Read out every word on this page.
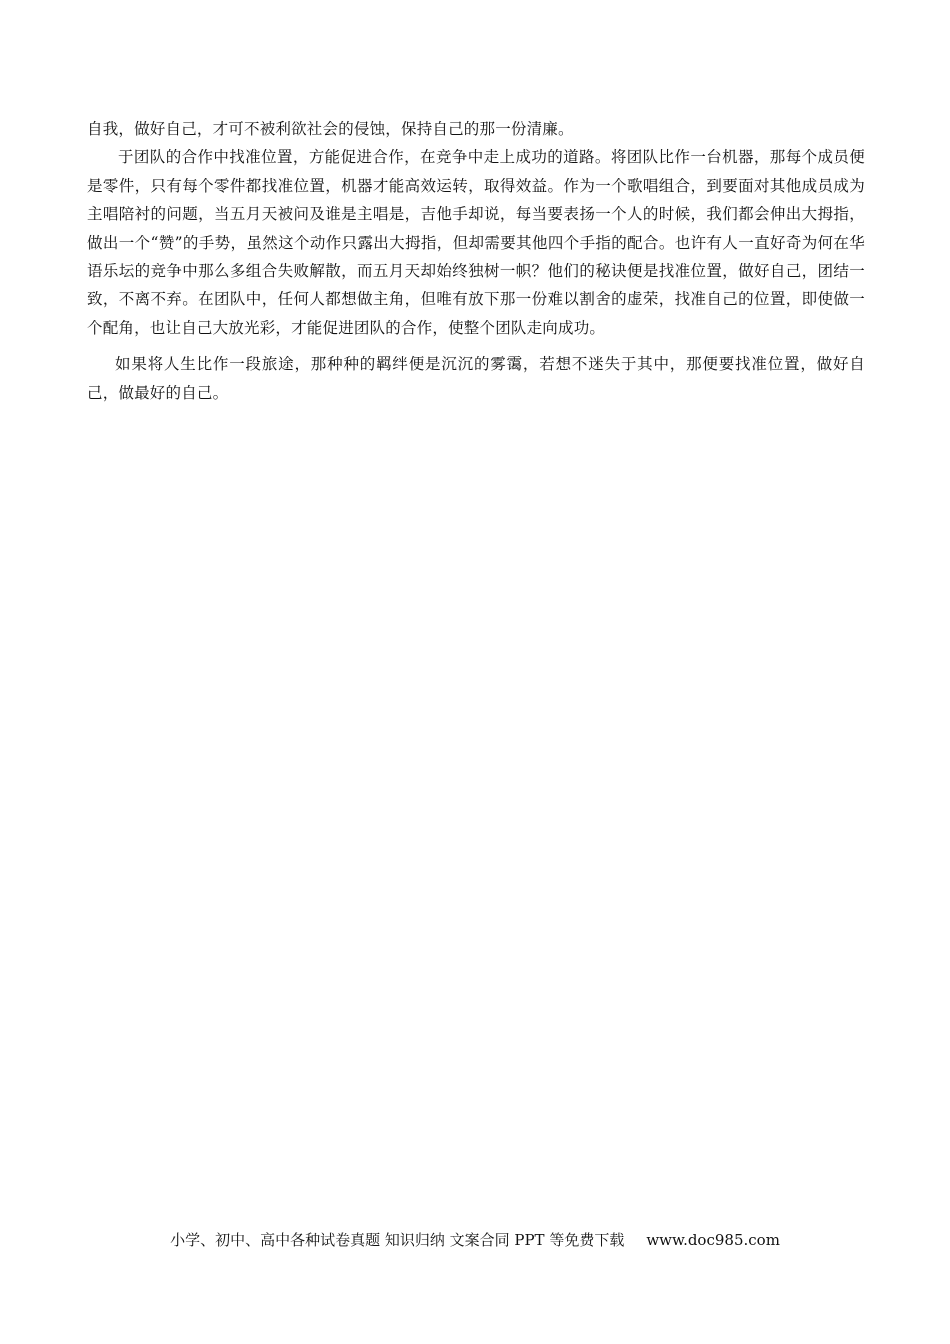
自我，做好自己，才可不被利欲社会的侵蚀，保持自己的那一份清廉。

于团队的合作中找准位置，方能促进合作，在竞争中走上成功的道路。将团队比作一台机器，那每个成员便是零件，只有每个零件都找准位置，机器才能高效运转，取得效益。作为一个歌唱组合，到要面对其他成员成为主唱陪衬的问题，当五月天被问及谁是主唱是，吉他手却说，每当要表扬一个人的时候，我们都会伸出大拇指，做出一个“赞”的手势，虽然这个动作只露出大拇指，但却需要其他四个手指的配合。也许有人一直好奇为何在华语乐坛的竞争中那么多组合失败解散，而五月天却始终独树一帜？他们的秘诀便是找准位置，做好自己，团结一致，不离不弃。在团队中，任何人都想做主角，但唯有放下那一份难以割舍的虚荣，找准自己的位置，即使做一个配角，也让自己大放光彩，才能促进团队的合作，使整个团队走向成功。

如果将人生比作一段旅途，那种种的羁绊便是沉沉的雾霭，若想不迷失于其中，那便要找准位置，做好自己，做最好的自己。

小学、初中、高中各种试卷真题 知识归纳 文案合同 PPT 等免费下载 www.doc985.com
